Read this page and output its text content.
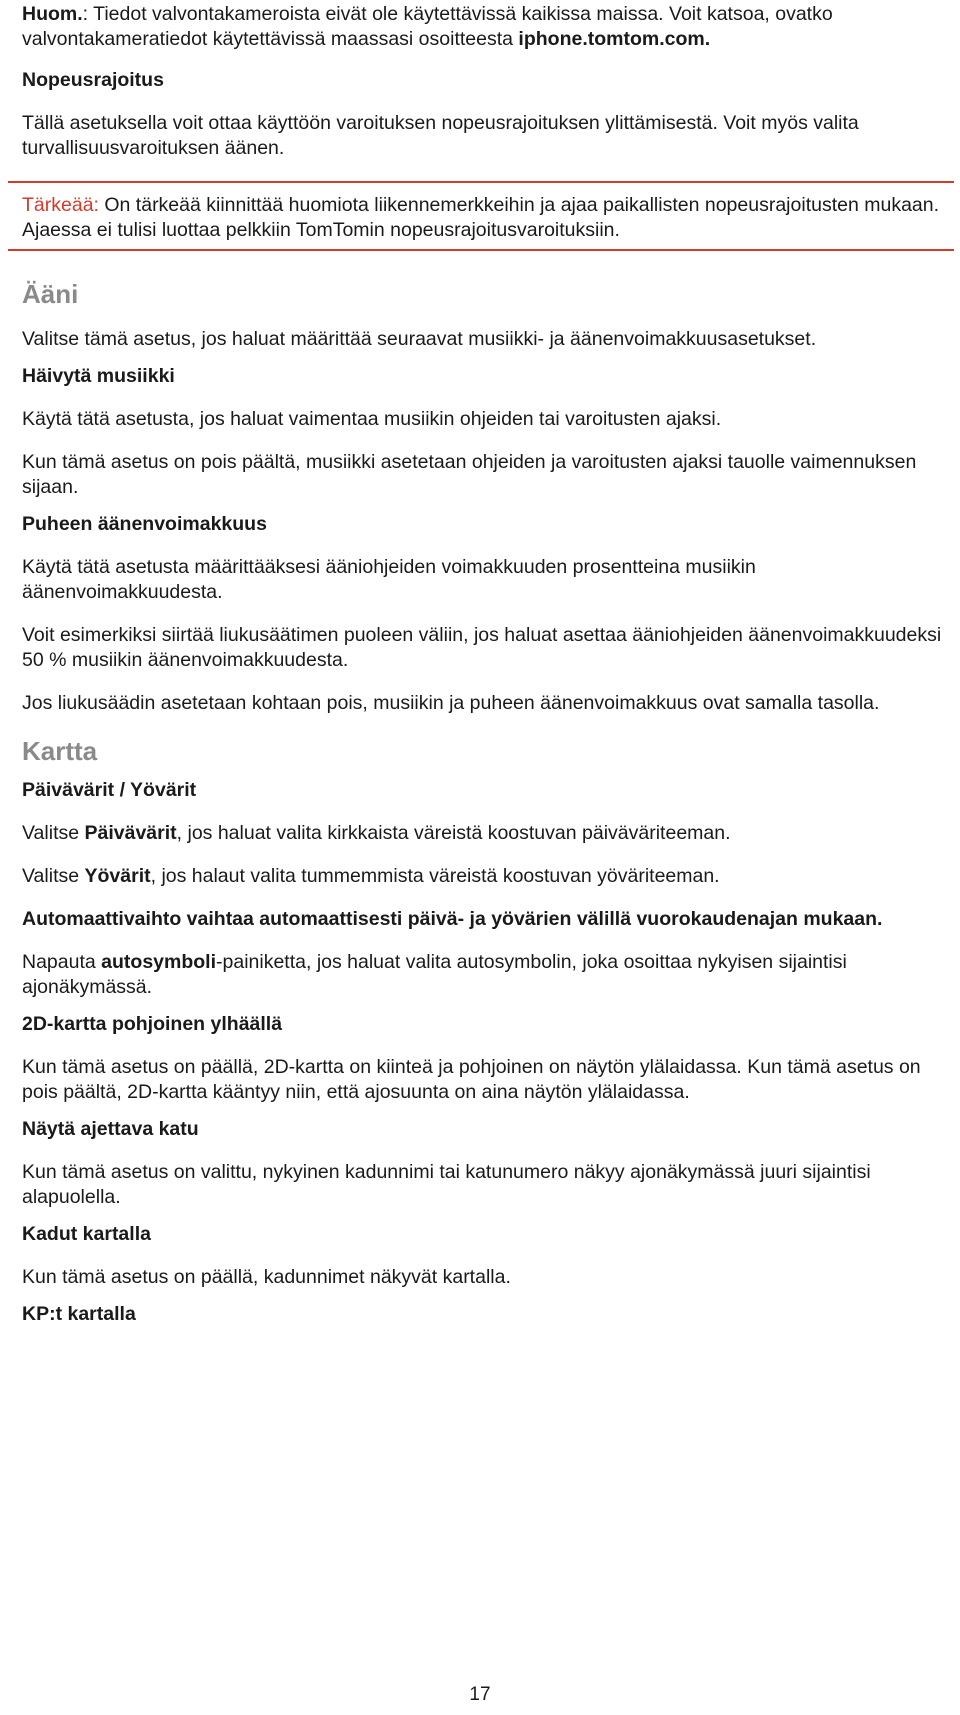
Huom.: Tiedot valvontakameroista eivät ole käytettävissä kaikissa maissa. Voit katsoa, ovatko valvontakameratiedot käytettävissä maassasi osoitteesta iphone.tomtom.com.

Nopeusrajoitus

Tällä asetuksella voit ottaa käyttöön varoituksen nopeusrajoituksen ylittämisestä. Voit myös valita turvallisuusvaroituksen äänen.

Tärkeää: On tärkeää kiinnittää huomiota liikennemerkkeihin ja ajaa paikallisten nopeusrajoitusten mukaan. Ajaessa ei tulisi luottaa pelkkiin TomTomin nopeusrajoitusvaroituksiin.

Ääni

Valitse tämä asetus, jos haluat määrittää seuraavat musiikki- ja äänenvoimakkuusasetukset.

Häivytä musiikki

Käytä tätä asetusta, jos haluat vaimentaa musiikin ohjeiden tai varoitusten ajaksi.

Kun tämä asetus on pois päältä, musiikki asetetaan ohjeiden ja varoitusten ajaksi tauolle vaimennuksen sijaan.

Puheen äänenvoimakkuus

Käytä tätä asetusta määrittääksesi ääniohjeiden voimakkuuden prosentteina musiikin äänenvoimakkuudesta.

Voit esimerkiksi siirtää liukusäätimen puoleen väliin, jos haluat asettaa ääniohjeiden äänenvoimakkuudeksi 50 % musiikin äänenvoimakkuudesta.

Jos liukusäädin asetetaan kohtaan pois, musiikin ja puheen äänenvoimakkuus ovat samalla tasolla.

Kartta
Päivävärit / Yövärit

Valitse Päivävärit, jos haluat valita kirkkaista väreistä koostuvan päiväväriteeman.

Valitse Yövärit, jos halaut valita tummemmista väreistä koostuvan yöväriteeman.

Automaattivaihto vaihtaa automaattisesti päivä- ja yövärien välillä vuorokaudenajan mukaan.

Napauta autosymboli-painiketta, jos haluat valita autosymbolin, joka osoittaa nykyisen sijaintisi ajonäkymässä.

2D-kartta pohjoinen ylhäällä

Kun tämä asetus on päällä, 2D-kartta on kiinteä ja pohjoinen on näytön ylälaidassa. Kun tämä asetus on pois päältä, 2D-kartta kääntyy niin, että ajosuunta on aina näytön ylälaidassa.

Näytä ajettava katu

Kun tämä asetus on valittu, nykyinen kadunnimi tai katunumero näkyy ajonäkymässä juuri sijaintisi alapuolella.

Kadut kartalla

Kun tämä asetus on päällä, kadunnimet näkyvät kartalla.

KP:t kartalla
17
